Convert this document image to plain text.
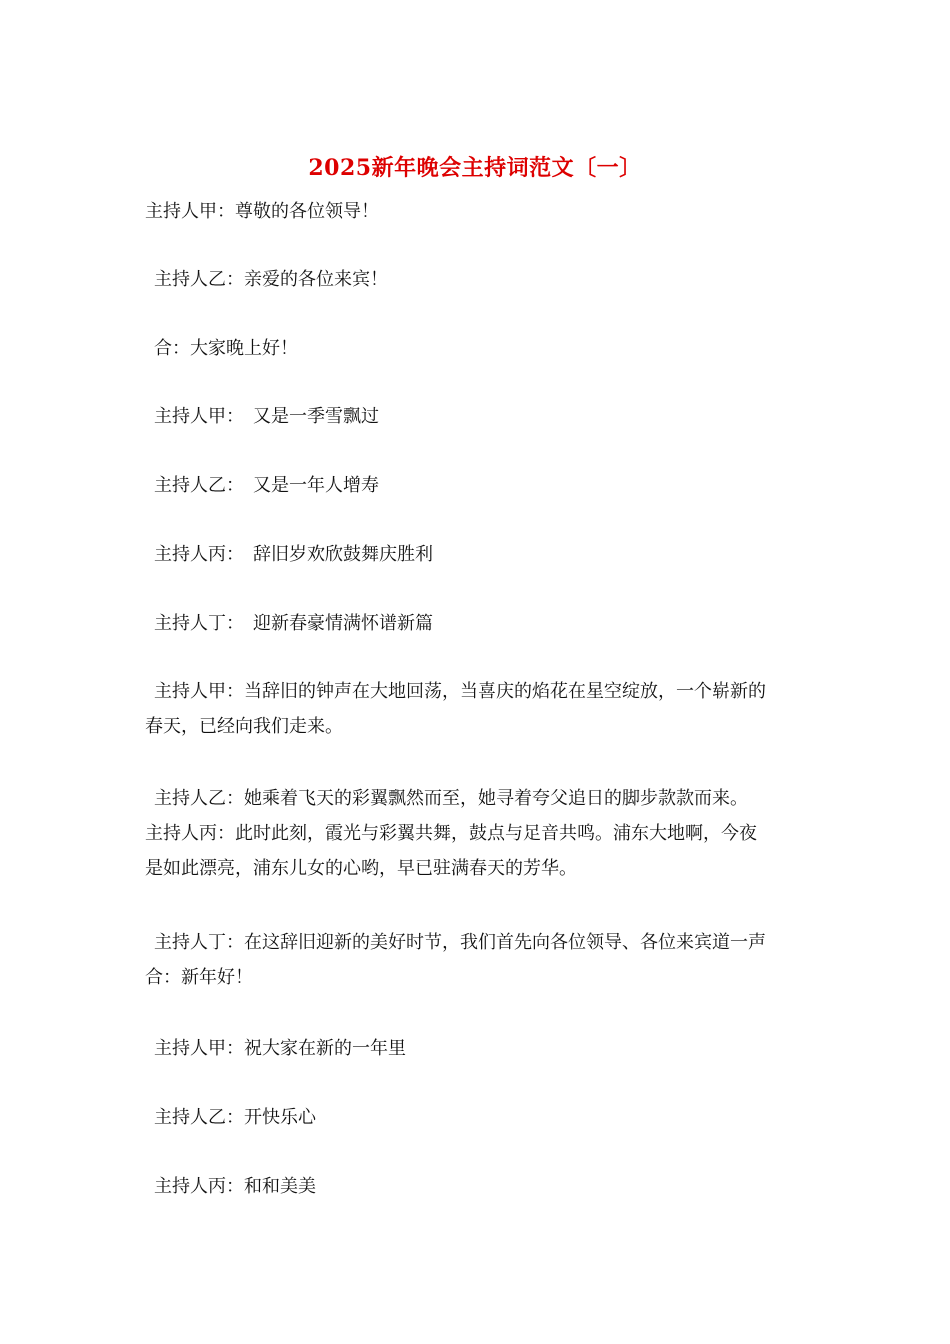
2025新年晚会主持词范文〔一〕
主持人甲：尊敬的各位领导！
主持人乙：亲爱的各位来宾！
合：大家晚上好！
主持人甲：　又是一季雪飘过
主持人乙：　又是一年人增寿
主持人丙：　辞旧岁欢欣鼓舞庆胜利
主持人丁：　迎新春豪情满怀谱新篇
主持人甲：当辞旧的钟声在大地回荡，当喜庆的焰花在星空绽放，一个崭新的
春天，已经向我们走来。
主持人乙：她乘着飞天的彩翼飘然而至，她寻着夸父追日的脚步款款而来。
主持人丙：此时此刻，霞光与彩翼共舞，鼓点与足音共鸣。浦东大地啊，今夜
是如此漂亮，浦东儿女的心哟，早已驻满春天的芳华。
主持人丁：在这辞旧迎新的美好时节，我们首先向各位领导、各位来宾道一声
合：新年好！
主持人甲：祝大家在新的一年里
主持人乙：开快乐心
主持人丙：和和美美
